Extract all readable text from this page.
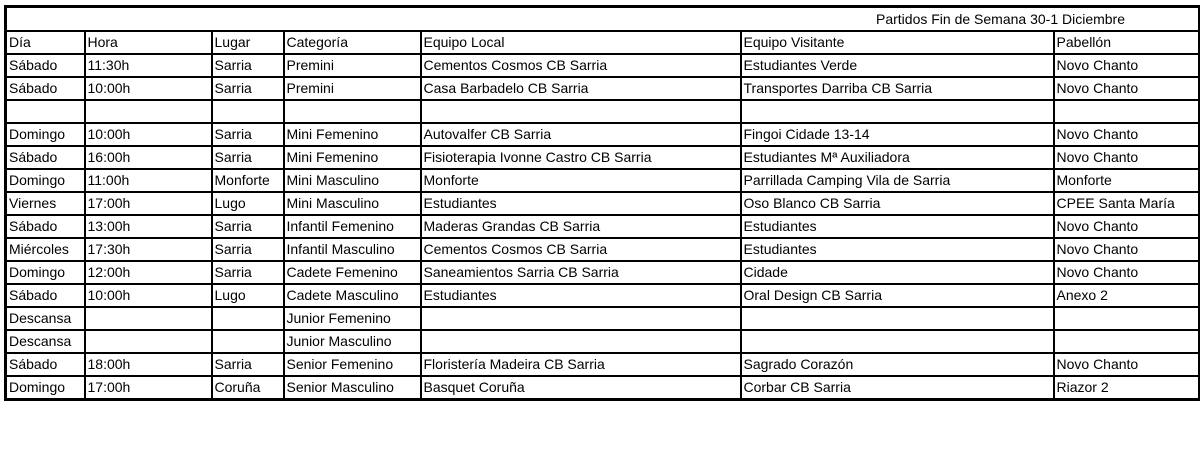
Partidos Fin de Semana 30-1 Diciembre						
Día	Hora	Lugar	Categoría	Equipo Local	Equipo Visitante	Pabellón
Sábado	11:30h	Sarria	Premini	Cementos Cosmos CB Sarria	Estudiantes Verde	Novo Chanto
Sábado	10:00h	Sarria	Premini	Casa Barbadelo CB Sarria	Transportes Darriba CB Sarria	Novo Chanto

Domingo	10:00h	Sarria	Mini Femenino	Autovalfer CB Sarria	Fingoi Cidade 13-14	Novo Chanto
Sábado	16:00h	Sarria	Mini Femenino	Fisioterapia Ivonne Castro CB Sarria	Estudiantes Mª Auxiliadora	Novo Chanto
Domingo	11:00h	Monforte	Mini Masculino	Monforte	Parrillada Camping Vila de Sarria	Monforte
Viernes	17:00h	Lugo	Mini Masculino	Estudiantes	Oso Blanco CB Sarria	CPEE Santa María
Sábado	13:00h	Sarria	Infantil Femenino	Maderas Grandas CB Sarria	Estudiantes	Novo Chanto
Miércoles	17:30h	Sarria	Infantil Masculino	Cementos Cosmos CB Sarria	Estudiantes	Novo Chanto
Domingo	12:00h	Sarria	Cadete Femenino	Saneamientos Sarria CB Sarria	Cidade	Novo Chanto
Sábado	10:00h	Lugo	Cadete Masculino	Estudiantes	Oral Design CB Sarria	Anexo 2
Descansa			Junior Femenino			
Descansa			Junior Masculino			
Sábado	18:00h	Sarria	Senior Femenino	Floristería Madeira CB Sarria	Sagrado Corazón	Novo Chanto
Domingo	17:00h	Coruña	Senior Masculino	Basquet Coruña	Corbar CB Sarria	Riazor 2
